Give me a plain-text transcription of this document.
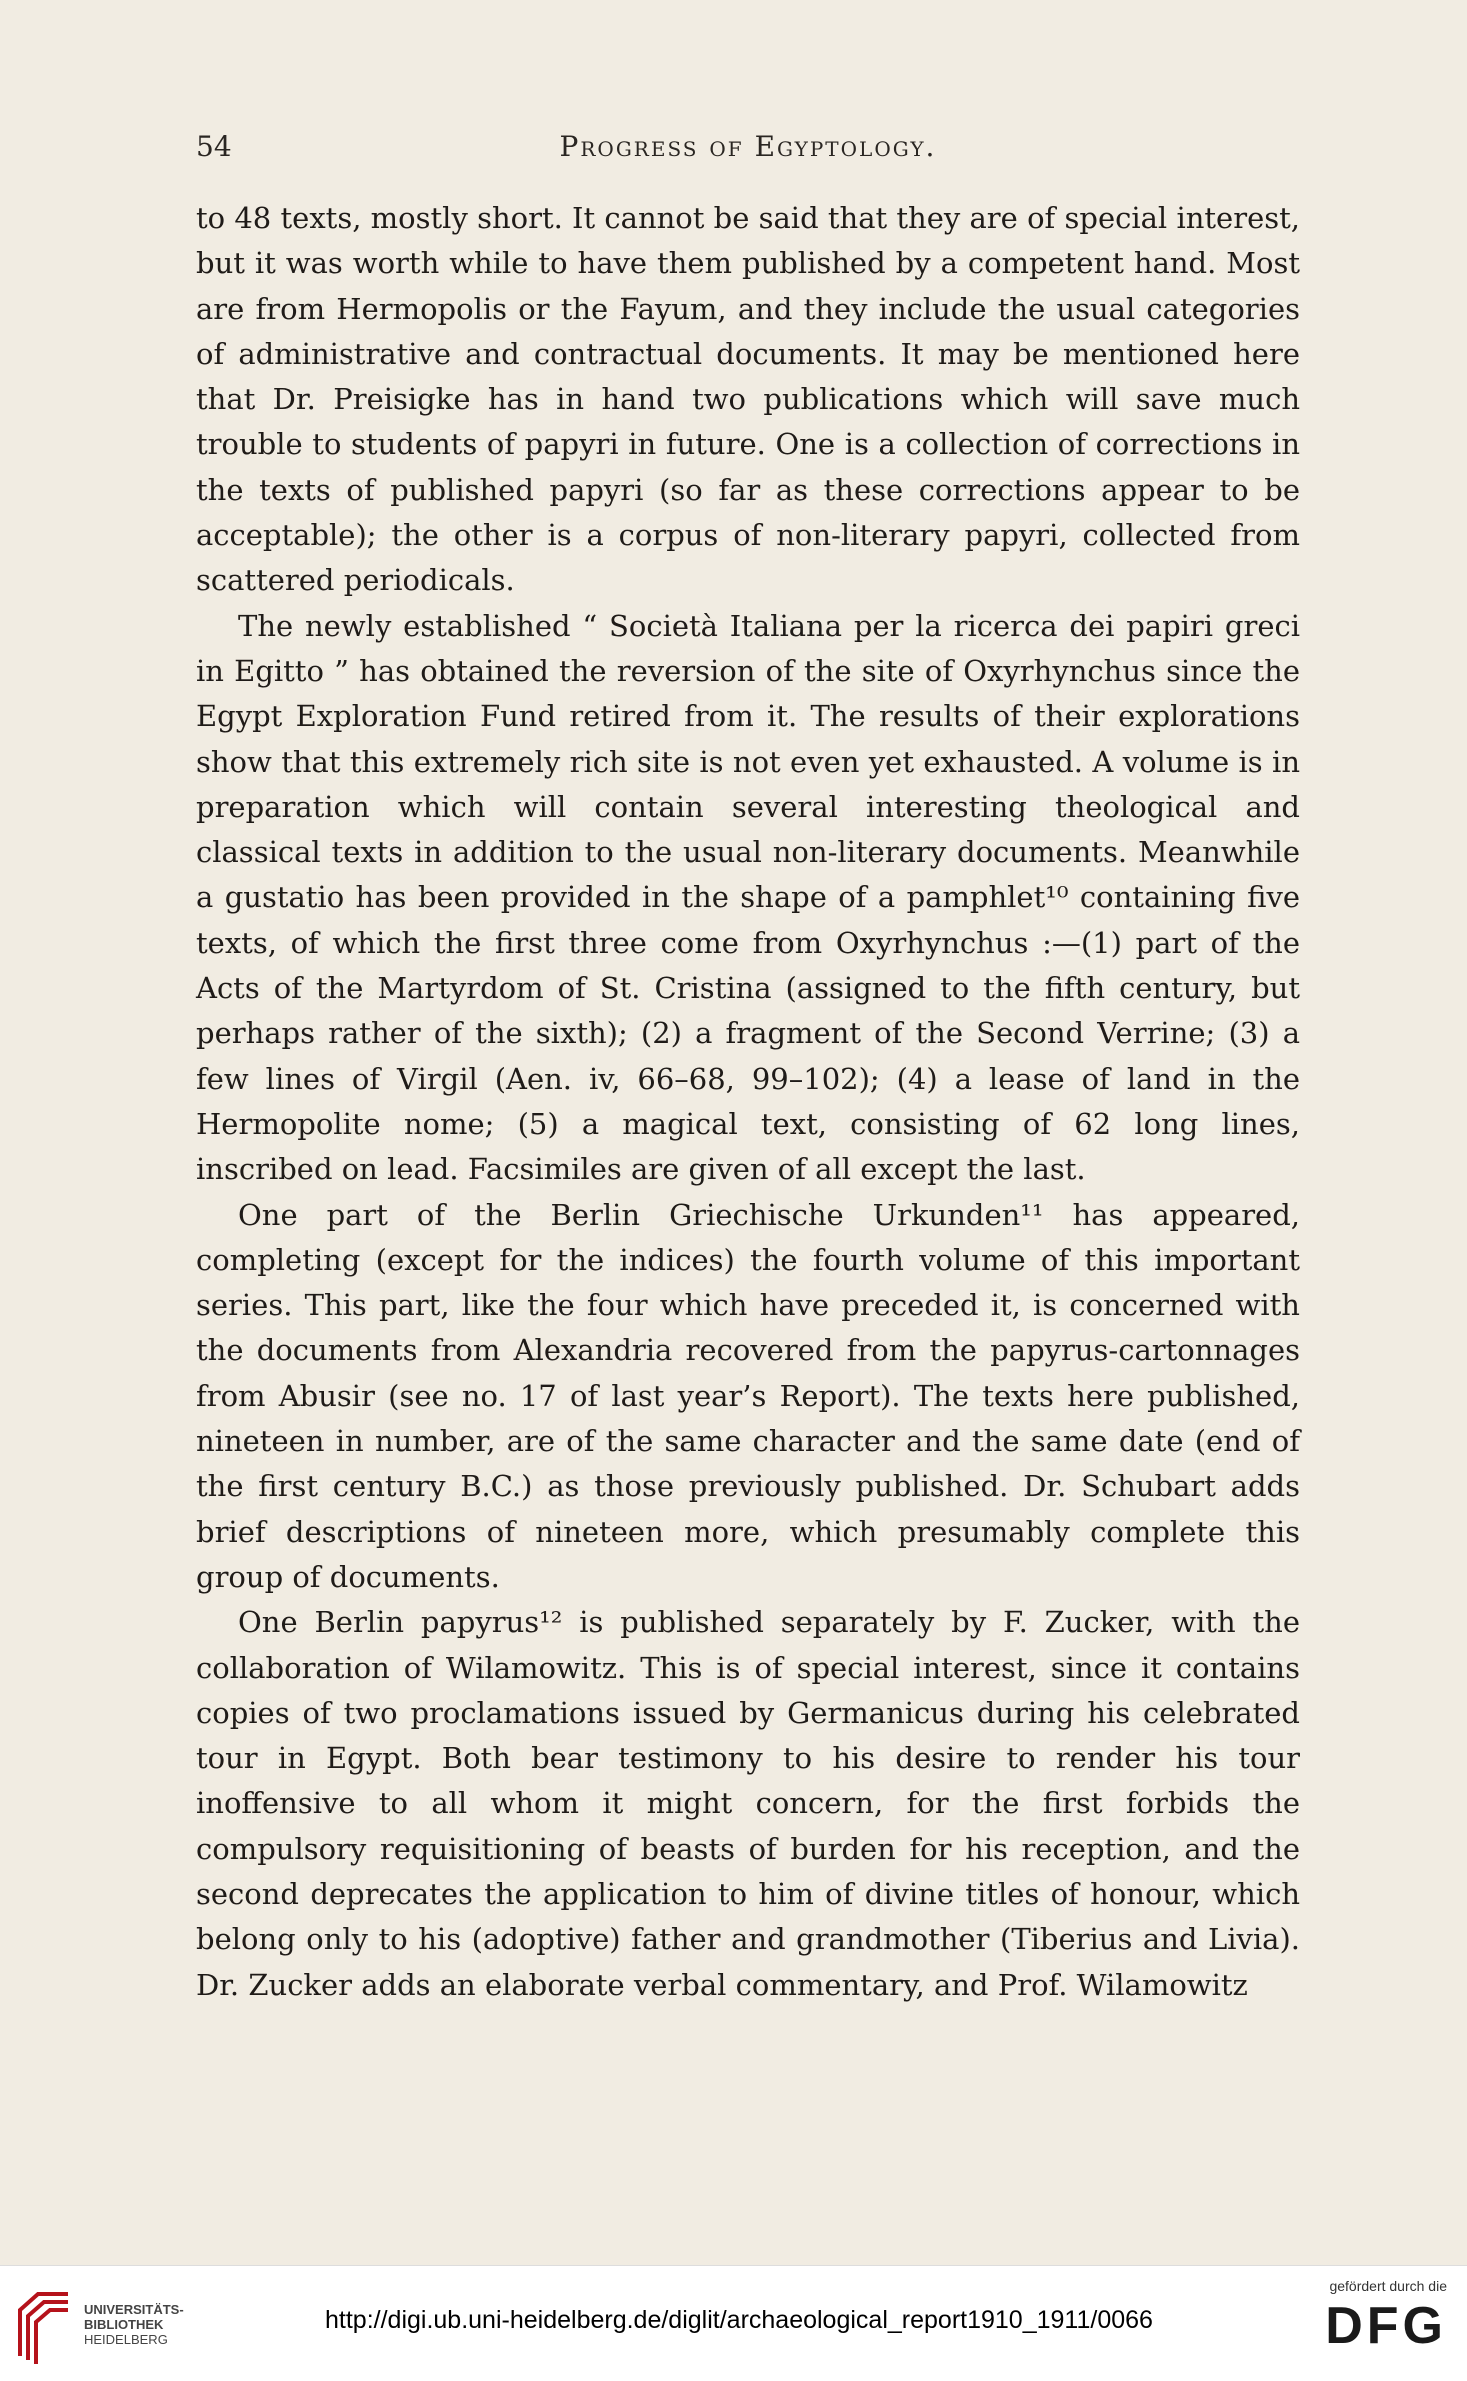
54	Progress of Egyptology.

to 48 texts, mostly short. It cannot be said that they are of special interest, but it was worth while to have them published by a competent hand. Most are from Hermopolis or the Fayum, and they include the usual categories of administrative and contractual documents. It may be mentioned here that Dr. Preisigke has in hand two publications which will save much trouble to students of papyri in future. One is a collection of corrections in the texts of published papyri (so far as these corrections appear to be acceptable); the other is a corpus of non-literary papyri, collected from scattered periodicals.

The newly established “ Società Italiana per la ricerca dei papiri greci in Egitto ” has obtained the reversion of the site of Oxyrhynchus since the Egypt Exploration Fund retired from it. The results of their explorations show that this extremely rich site is not even yet exhausted. A volume is in preparation which will contain several interesting theological and classical texts in addition to the usual non-literary documents. Meanwhile a gustatio has been provided in the shape of a pamphlet¹⁰ containing five texts, of which the first three come from Oxyrhynchus :—(1) part of the Acts of the Martyrdom of St. Cristina (assigned to the fifth century, but perhaps rather of the sixth); (2) a fragment of the Second Verrine; (3) a few lines of Virgil (Aen. iv, 66–68, 99–102); (4) a lease of land in the Hermopolite nome; (5) a magical text, consisting of 62 long lines, inscribed on lead. Facsimiles are given of all except the last.

One part of the Berlin Griechische Urkunden¹¹ has appeared, completing (except for the indices) the fourth volume of this important series. This part, like the four which have preceded it, is concerned with the documents from Alexandria recovered from the papyrus-cartonnages from Abusir (see no. 17 of last year’s Report). The texts here published, nineteen in number, are of the same character and the same date (end of the first century B.C.) as those previously published. Dr. Schubart adds brief descriptions of nineteen more, which presumably complete this group of documents.

One Berlin papyrus¹² is published separately by F. Zucker, with the collaboration of Wilamowitz. This is of special interest, since it contains copies of two proclamations issued by Germanicus during his celebrated tour in Egypt. Both bear testimony to his desire to render his tour inoffensive to all whom it might concern, for the first forbids the compulsory requisitioning of beasts of burden for his reception, and the second deprecates the application to him of divine titles of honour, which belong only to his (adoptive) father and grandmother (Tiberius and Livia). Dr. Zucker adds an elaborate verbal commentary, and Prof. Wilamowitz

UNIVERSITÄTS-
BIBLIOTHEK
HEIDELBERG
http://digi.ub.uni-heidelberg.de/diglit/archaeological_report1910_1911/0066
gefördert durch die
DFG
